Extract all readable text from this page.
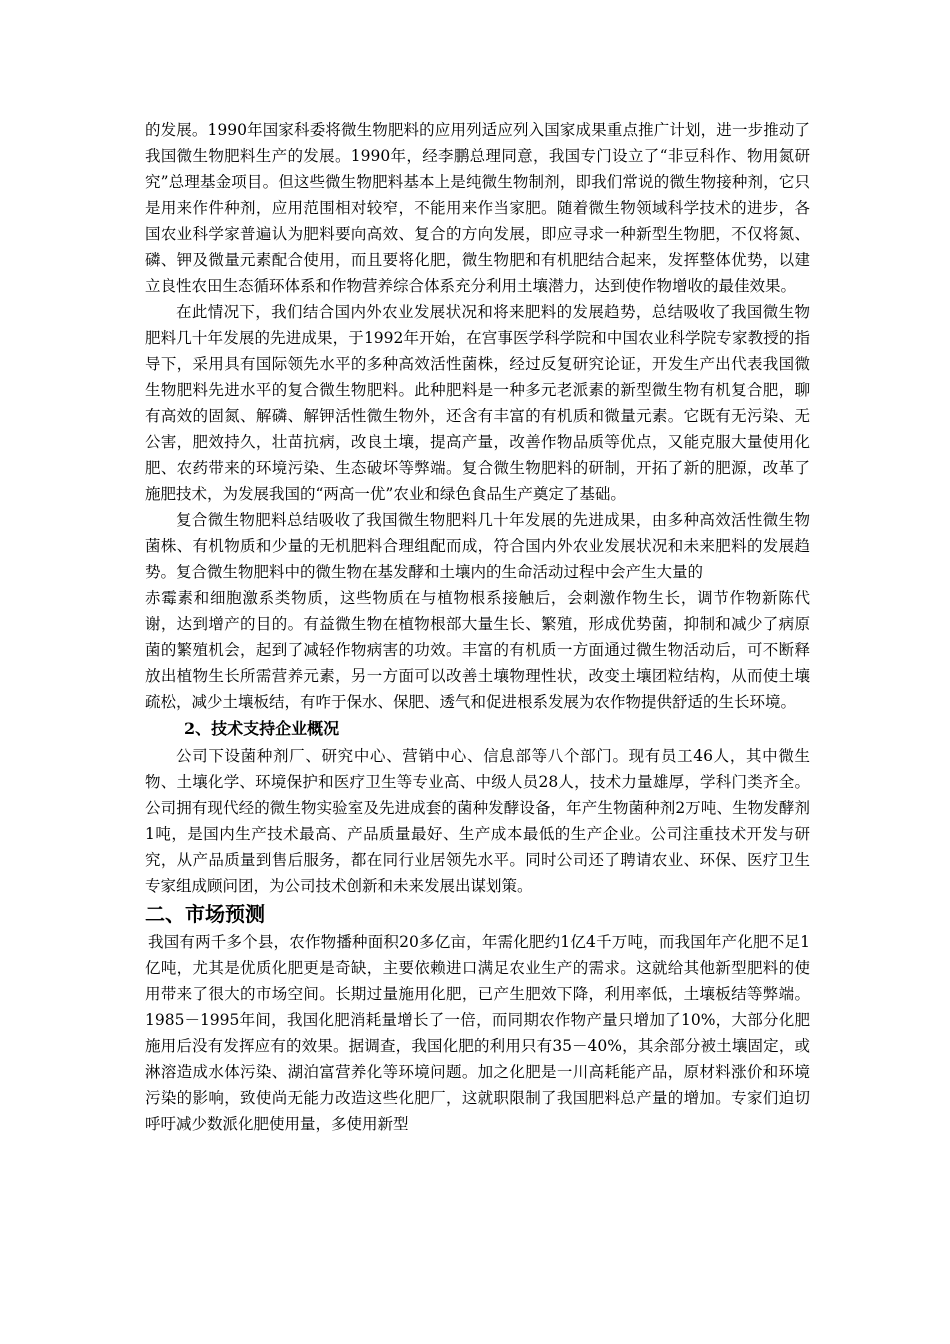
的发展。1990年国家科委将微生物肥料的应用列适应列入国家成果重点推广计划，进一步推动了我国微生物肥料生产的发展。1990年，经李鹏总理同意，我国专门设立了“非豆科作、物用氮研究”总理基金项目。但这些微生物肥料基本上是纯微生物制剂，即我们常说的微生物接种剂，它只是用来作件种剂，应用范围相对较窄，不能用来作当家肥。随着微生物领域科学技术的进步，各国农业科学家普遍认为肥料要向高效、复合的方向发展，即应寻求一种新型生物肥，不仅将氮、磷、钾及微量元素配合使用，而且要将化肥，微生物肥和有机肥结合起来，发挥整体优势，以建立良性农田生态循环体系和作物营养综合体系充分利用土壤潜力，达到使作物增收的最佳效果。

在此情况下，我们结合国内外农业发展状况和将来肥料的发展趋势，总结吸收了我国微生物肥料几十年发展的先进成果，于1992年开始，在宫事医学科学院和中国农业科学院专家教授的指导下，采用具有国际领先水平的多种高效活性菌株，经过反复研究论证，开发生产出代表我国微生物肥料先进水平的复合微生物肥料。此种肥料是一种多元老派素的新型微生物有机复合肥，聊有高效的固氮、解磷、解钾活性微生物外，还含有丰富的有机质和微量元素。它既有无污染、无公害，肥效持久，壮苗抗病，改良土壤，提高产量，改善作物品质等优点，又能克服大量使用化肥、农药带来的环境污染、生态破坏等弊端。复合微生物肥料的研制，开拓了新的肥源，改革了施肥技术，为发展我国的“两高一优”农业和绿色食品生产奠定了基础。

复合微生物肥料总结吸收了我国微生物肥料几十年发展的先进成果，由多种高效活性微生物菌株、有机物质和少量的无机肥料合理组配而成，符合国内外农业发展状况和未来肥料的发展趋势。复合微生物肥料中的微生物在基发酵和土壤内的生命活动过程中会产生大量的

赤霉素和细胞激系类物质，这些物质在与植物根系接触后，会刺激作物生长，调节作物新陈代谢，达到增产的目的。有益微生物在植物根部大量生长、繁殖，形成优势菌，抑制和减少了病原菌的繁殖机会，起到了减轻作物病害的功效。丰富的有机质一方面通过微生物活动后，可不断释放出植物生长所需营养元素，另一方面可以改善土壤物理性状，改变土壤团粒结构，从而使土壤疏松，减少土壤板结，有咋于保水、保肥、透气和促进根系发展为农作物提供舒适的生长环境。

2、技术支持企业概况

公司下设菌种剂厂、研究中心、营销中心、信息部等八个部门。现有员工46人，其中微生物、土壤化学、环境保护和医疗卫生等专业高、中级人员28人，技术力量雄厚，学科门类齐全。公司拥有现代经的微生物实验室及先进成套的菌种发酵设备，年产生物菌种剂2万吨、生物发酵剂1吨，是国内生产技术最高、产品质量最好、生产成本最低的生产企业。公司注重技术开发与研究，从产品质量到售后服务，都在同行业居领先水平。同时公司还了聘请农业、环保、医疗卫生专家组成顾问团，为公司技术创新和未来发展出谋划策。

二、市场预测

我国有两千多个县，农作物播种面积20多亿亩，年需化肥约1亿4千万吨，而我国年产化肥不足1亿吨，尤其是优质化肥更是奇缺，主要依赖进口满足农业生产的需求。这就给其他新型肥料的使用带来了很大的市场空间。长期过量施用化肥，已产生肥效下降，利用率低，土壤板结等弊端。1985－1995年间，我国化肥消耗量增长了一倍，而同期农作物产量只增加了10%，大部分化肥施用后没有发挥应有的效果。据调查，我国化肥的利用只有35－40%，其余部分被土壤固定，或淋溶造成水体污染、湖泊富营养化等环境问题。加之化肥是一川高耗能产品，原材料涨价和环境污染的影响，致使尚无能力改造这些化肥厂，这就职限制了我国肥料总产量的增加。专家们迫切呼吁减少数派化肥使用量，多使用新型
